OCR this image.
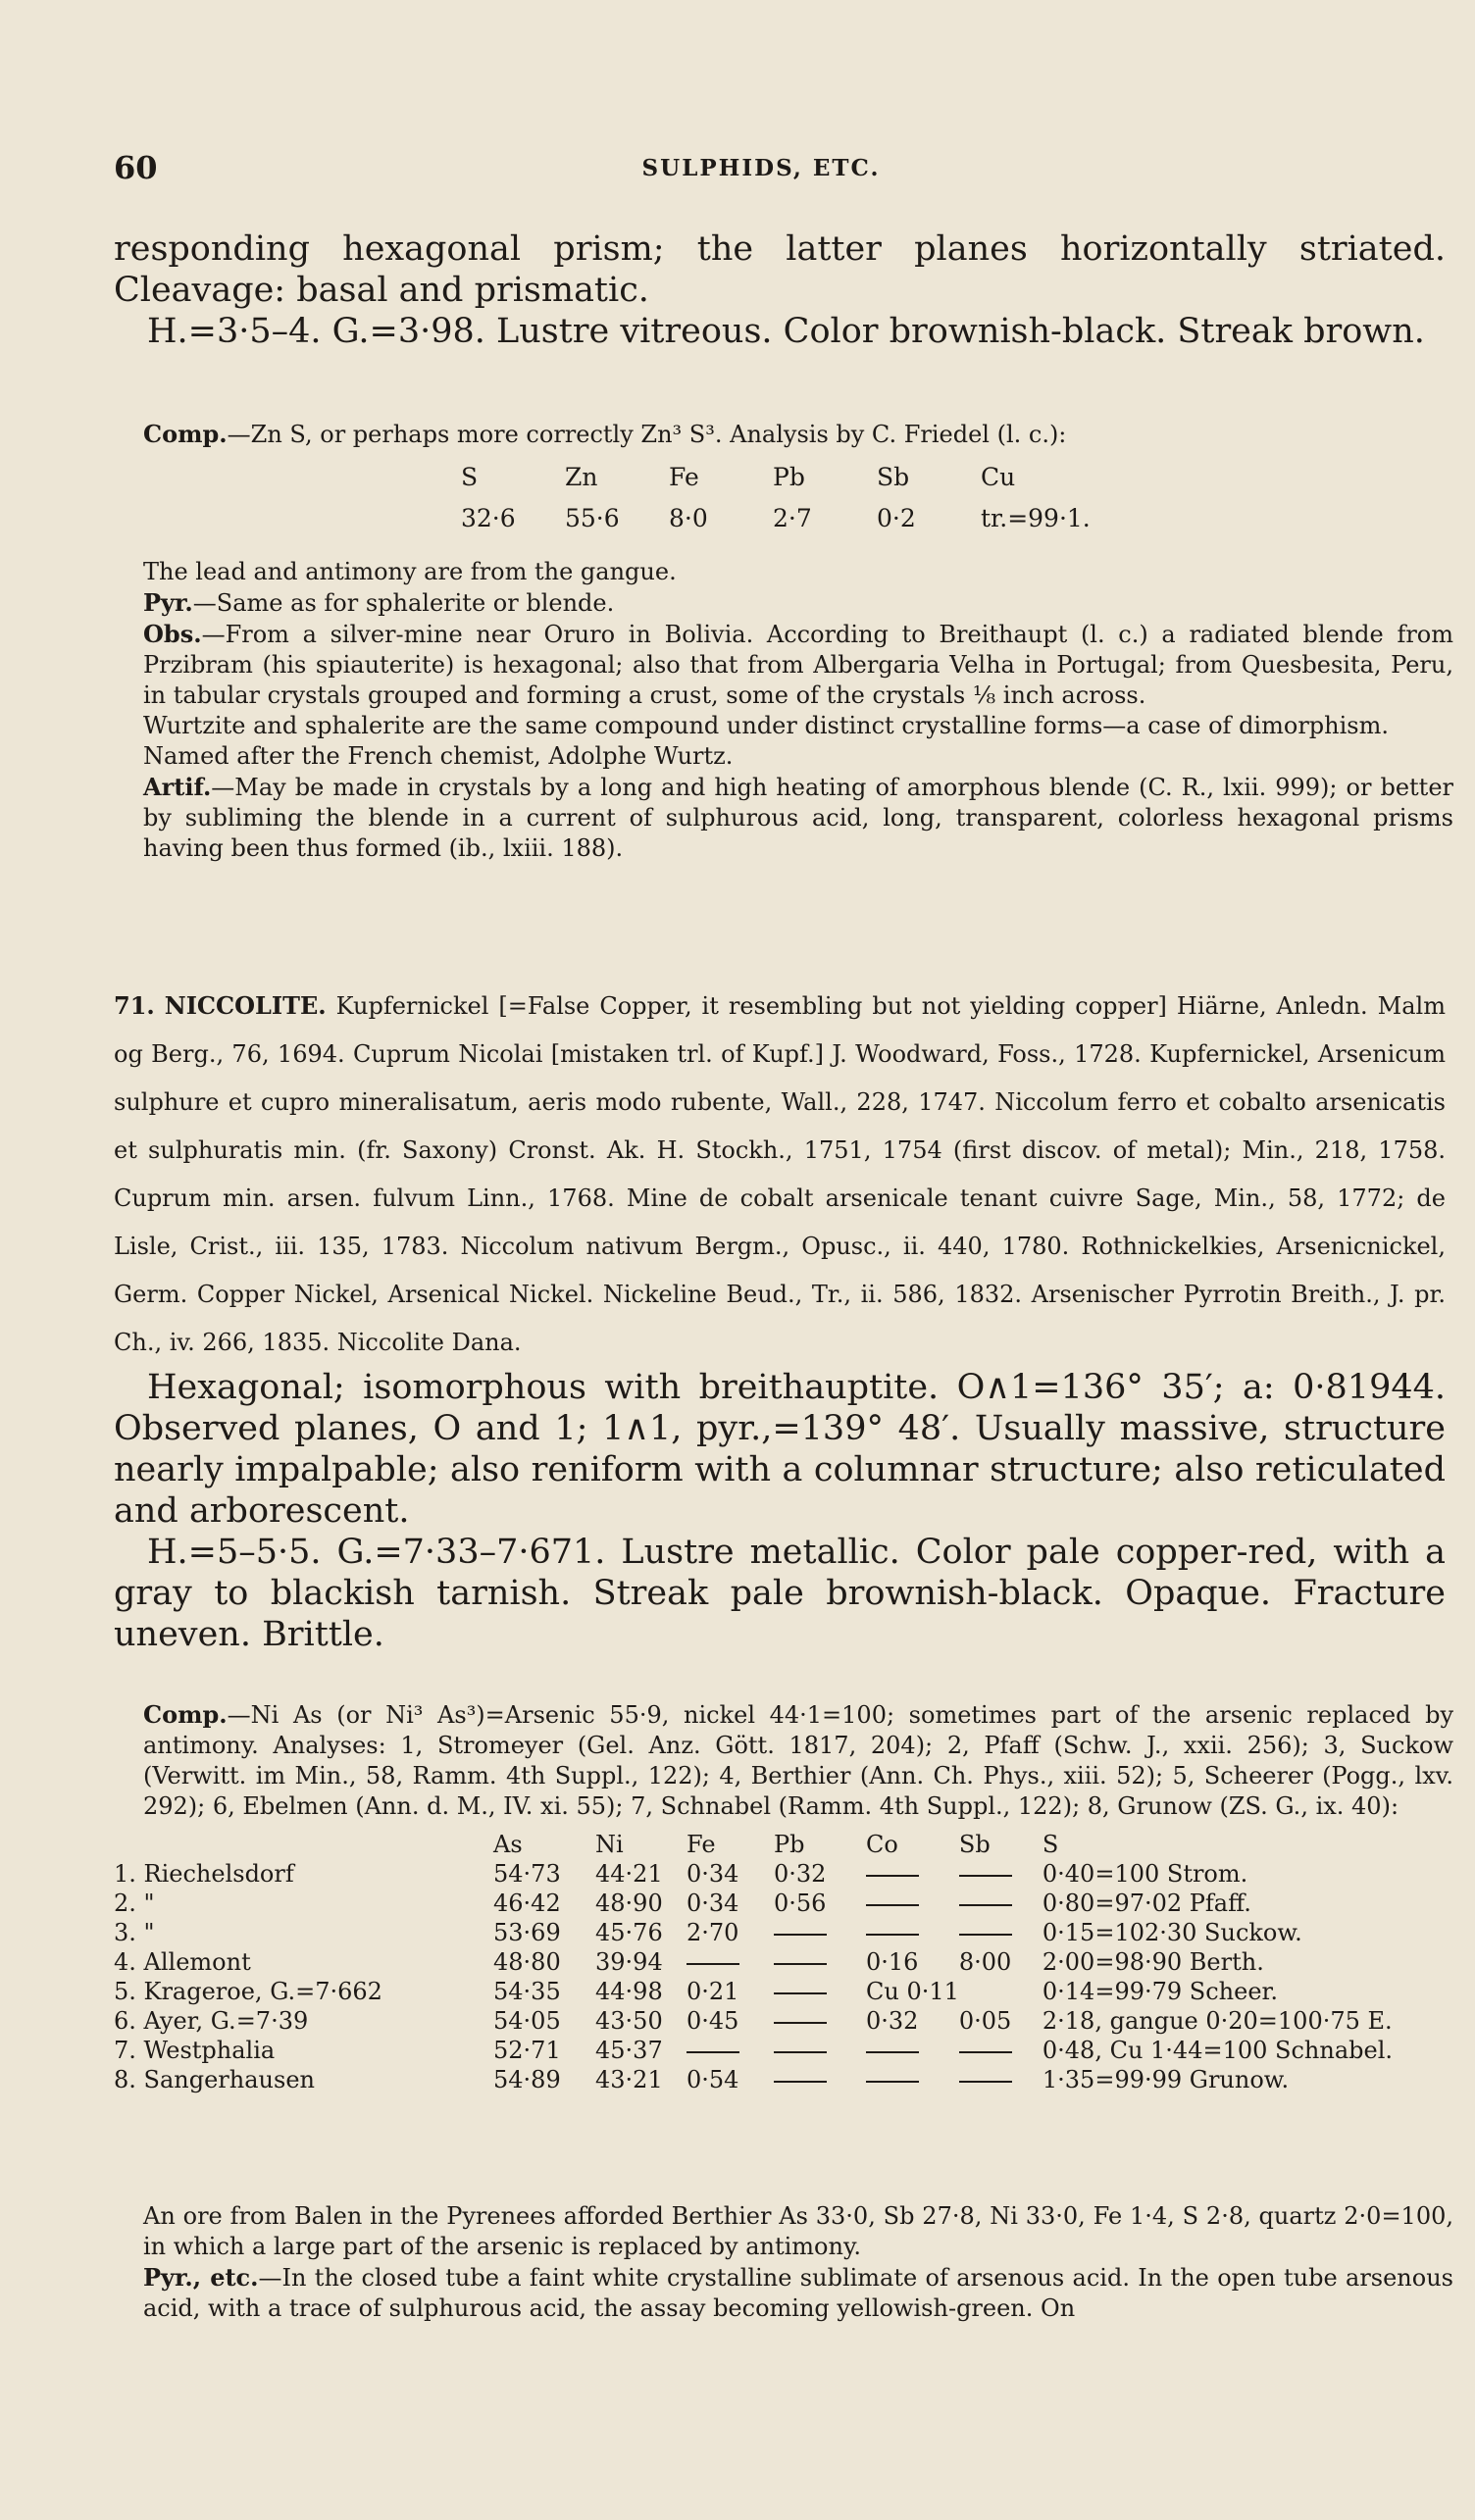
60	SULPHIDS, ETC.

responding hexagonal prism; the latter planes horizontally striated. Cleavage: basal and prismatic.

H.=3·5–4. G.=3·98. Lustre vitreous. Color brownish-black. Streak brown.

Comp.—Zn S, or perhaps more correctly Zn³ S³. Analysis by C. Friedel (l. c.):

S	Zn	Fe	Pb	Sb	Cu
32·6	55·6	8·0	2·7	0·2	tr.=99·1.

The lead and antimony are from the gangue.

Pyr.—Same as for sphalerite or blende.

Obs.—From a silver-mine near Oruro in Bolivia. According to Breithaupt (l. c.) a radiated blende from Przibram (his spiauterite) is hexagonal; also that from Albergaria Velha in Portugal; from Quesbesita, Peru, in tabular crystals grouped and forming a crust, some of the crystals ⅛ inch across.

Wurtzite and sphalerite are the same compound under distinct crystalline forms—a case of dimorphism.

Named after the French chemist, Adolphe Wurtz.

Artif.—May be made in crystals by a long and high heating of amorphous blende (C. R., lxii. 999); or better by subliming the blende in a current of sulphurous acid, long, transparent, colorless hexagonal prisms having been thus formed (ib., lxiii. 188).

71. NICCOLITE. Kupfernickel [=False Copper, it resembling but not yielding copper] Hiärne, Anledn. Malm og Berg., 76, 1694. Cuprum Nicolai [mistaken trl. of Kupf.] J. Woodward, Foss., 1728. Kupfernickel, Arsenicum sulphure et cupro mineralisatum, aeris modo rubente, Wall., 228, 1747. Niccolum ferro et cobalto arsenicatis et sulphuratis min. (fr. Saxony) Cronst. Ak. H. Stockh., 1751, 1754 (first discov. of metal); Min., 218, 1758. Cuprum min. arsen. fulvum Linn., 1768. Mine de cobalt arsenicale tenant cuivre Sage, Min., 58, 1772; de Lisle, Crist., iii. 135, 1783. Niccolum nativum Bergm., Opusc., ii. 440, 1780. Rothnickelkies, Arsenicnickel, Germ. Copper Nickel, Arsenical Nickel. Nickeline Beud., Tr., ii. 586, 1832. Arsenischer Pyrrotin Breith., J. pr. Ch., iv. 266, 1835. Niccolite Dana.

Hexagonal; isomorphous with breithauptite. O∧1=136° 35′; a: 0·81944. Observed planes, O and 1; 1∧1, pyr.,=139° 48′. Usually massive, structure nearly impalpable; also reniform with a columnar structure; also reticulated and arborescent.

H.=5–5·5. G.=7·33–7·671. Lustre metallic. Color pale copper-red, with a gray to blackish tarnish. Streak pale brownish-black. Opaque. Fracture uneven. Brittle.

Comp.—Ni As (or Ni³ As³)=Arsenic 55·9, nickel 44·1=100; sometimes part of the arsenic replaced by antimony. Analyses: 1, Stromeyer (Gel. Anz. Gött. 1817, 204); 2, Pfaff (Schw. J., xxii. 256); 3, Suckow (Verwitt. im Min., 58, Ramm. 4th Suppl., 122); 4, Berthier (Ann. Ch. Phys., xiii. 52); 5, Scheerer (Pogg., lxv. 292); 6, Ebelmen (Ann. d. M., IV. xi. 55); 7, Schnabel (Ramm. 4th Suppl., 122); 8, Grunow (ZS. G., ix. 40):

	As	Ni	Fe	Pb	Co	Sb	S
1. Riechelsdorf	54·73	44·21	0·34	0·32			0·40=100 Strom.
2. "	46·42	48·90	0·34	0·56			0·80=97·02 Pfaff.
3. "	53·69	45·76	2·70				0·15=102·30 Suckow.
4. Allemont	48·80	39·94			0·16	8·00	2·00=98·90 Berth.
5. Krageroe, G.=7·662	54·35	44·98	0·21		Cu 0·11		0·14=99·79 Scheer.
6. Ayer, G.=7·39	54·05	43·50	0·45		0·32	0·05	2·18, gangue 0·20=100·75 E.
7. Westphalia	52·71	45·37					0·48, Cu 1·44=100 Schnabel.
8. Sangerhausen	54·89	43·21	0·54				1·35=99·99 Grunow.

An ore from Balen in the Pyrenees afforded Berthier As 33·0, Sb 27·8, Ni 33·0, Fe 1·4, S 2·8, quartz 2·0=100, in which a large part of the arsenic is replaced by antimony.

Pyr., etc.—In the closed tube a faint white crystalline sublimate of arsenous acid. In the open tube arsenous acid, with a trace of sulphurous acid, the assay becoming yellowish-green. On
